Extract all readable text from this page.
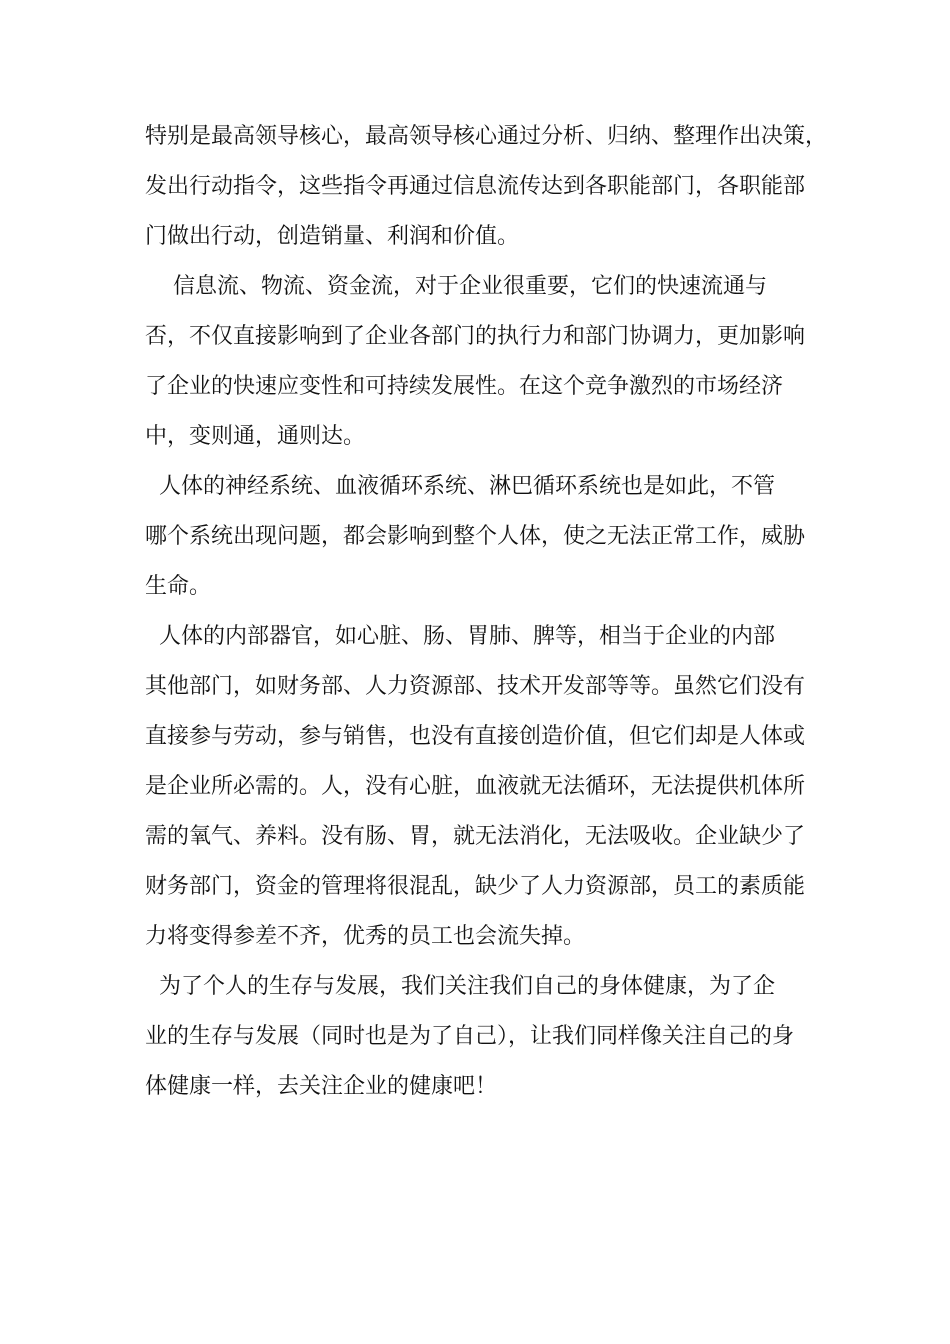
特别是最高领导核心，最高领导核心通过分析、归纳、整理作出决策，
发出行动指令，这些指令再通过信息流传达到各职能部门，各职能部
门做出行动，创造销量、利润和价值。
信息流、物流、资金流，对于企业很重要，它们的快速流通与
否，不仅直接影响到了企业各部门的执行力和部门协调力，更加影响
了企业的快速应变性和可持续发展性。在这个竞争激烈的市场经济
中，变则通，通则达。
人体的神经系统、血液循环系统、淋巴循环系统也是如此，不管
哪个系统出现问题，都会影响到整个人体，使之无法正常工作，威胁
生命。
人体的内部器官，如心脏、肠、胃肺、脾等，相当于企业的内部
其他部门，如财务部、人力资源部、技术开发部等等。虽然它们没有
直接参与劳动，参与销售，也没有直接创造价值，但它们却是人体或
是企业所必需的。人，没有心脏，血液就无法循环，无法提供机体所
需的氧气、养料。没有肠、胃，就无法消化，无法吸收。企业缺少了
财务部门，资金的管理将很混乱，缺少了人力资源部，员工的素质能
力将变得参差不齐，优秀的员工也会流失掉。
为了个人的生存与发展，我们关注我们自己的身体健康，为了企
业的生存与发展（同时也是为了自己），让我们同样像关注自己的身
体健康一样，去关注企业的健康吧！
